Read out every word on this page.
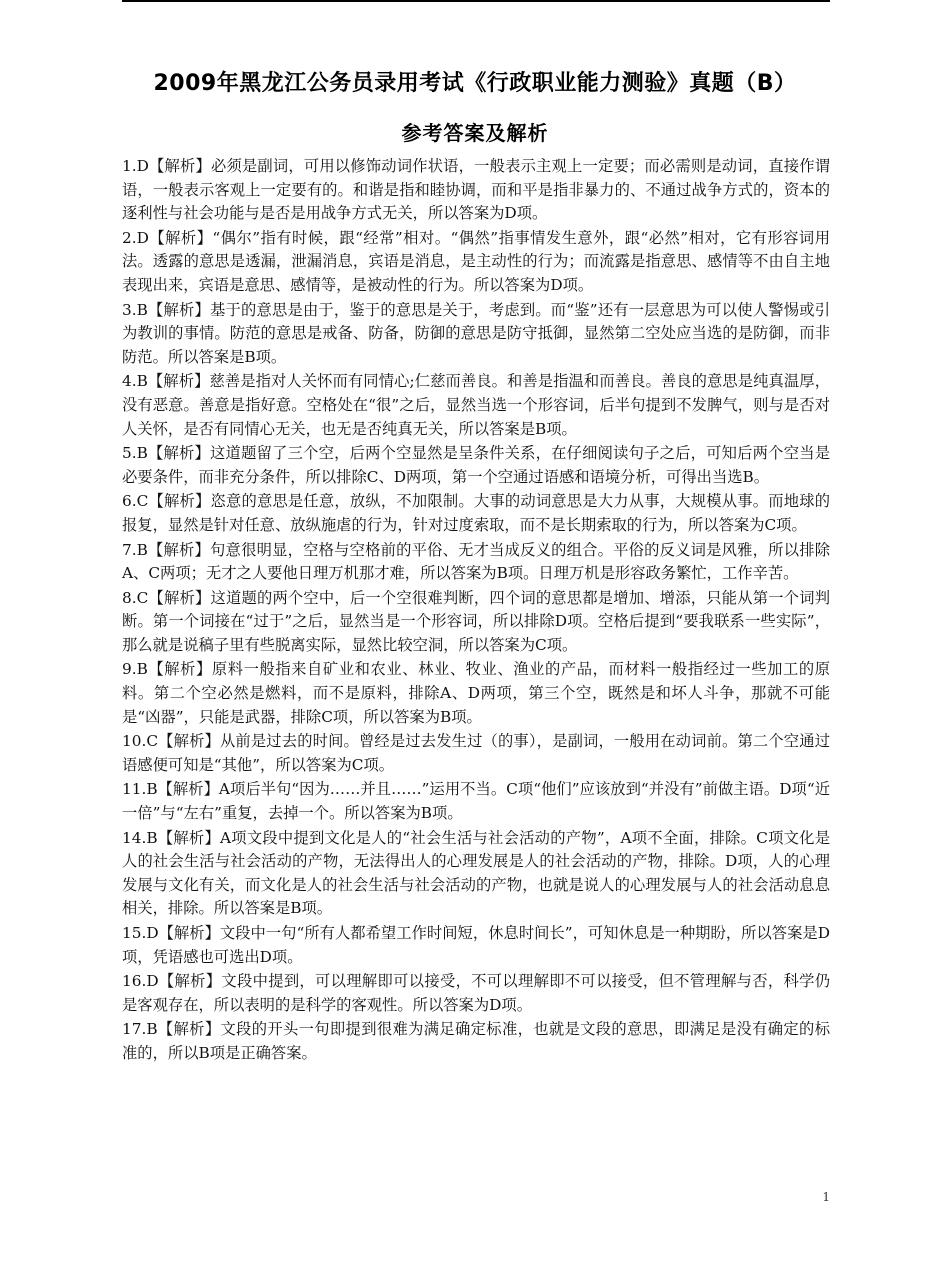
2009年黑龙江公务员录用考试《行政职业能力测验》真题（B）
参考答案及解析

1.D【解析】必须是副词，可用以修饰动词作状语，一般表示主观上一定要；而必需则是动词，直接作谓语，一般表示客观上一定要有的。和谐是指和睦协调，而和平是指非暴力的、不通过战争方式的，资本的逐利性与社会功能与是否是用战争方式无关，所以答案为D项。

2.D【解析】“偶尔”指有时候，跟“经常”相对。“偶然”指事情发生意外，跟“必然”相对，它有形容词用法。透露的意思是透漏，泄漏消息，宾语是消息，是主动性的行为；而流露是指意思、感情等不由自主地表现出来，宾语是意思、感情等，是被动性的行为。所以答案为D项。

3.B【解析】基于的意思是由于，鉴于的意思是关于，考虑到。而“鉴”还有一层意思为可以使人警惕或引为教训的事情。防范的意思是戒备、防备，防御的意思是防守抵御，显然第二空处应当选的是防御，而非防范。所以答案是B项。

4.B【解析】慈善是指对人关怀而有同情心;仁慈而善良。和善是指温和而善良。善良的意思是纯真温厚，没有恶意。善意是指好意。空格处在“很”之后，显然当选一个形容词，后半句提到不发脾气，则与是否对人关怀，是否有同情心无关，也无是否纯真无关，所以答案是B项。

5.B【解析】这道题留了三个空，后两个空显然是呈条件关系，在仔细阅读句子之后，可知后两个空当是必要条件，而非充分条件，所以排除C、D两项，第一个空通过语感和语境分析，可得出当选B。

6.C【解析】恣意的意思是任意，放纵，不加限制。大事的动词意思是大力从事，大规模从事。而地球的报复，显然是针对任意、放纵施虐的行为，针对过度索取，而不是长期索取的行为，所以答案为C项。

7.B【解析】句意很明显，空格与空格前的平俗、无才当成反义的组合。平俗的反义词是风雅，所以排除A、C两项；无才之人要他日理万机那才难，所以答案为B项。日理万机是形容政务繁忙，工作辛苦。

8.C【解析】这道题的两个空中，后一个空很难判断，四个词的意思都是增加、增添，只能从第一个词判断。第一个词接在“过于”之后，显然当是一个形容词，所以排除D项。空格后提到“要我联系一些实际”，那么就是说稿子里有些脱离实际，显然比较空洞，所以答案为C项。

9.B【解析】原料一般指来自矿业和农业、林业、牧业、渔业的产品，而材料一般指经过一些加工的原料。第二个空必然是燃料，而不是原料，排除A、D两项，第三个空，既然是和坏人斗争，那就不可能是“凶器”，只能是武器，排除C项，所以答案为B项。

10.C【解析】从前是过去的时间。曾经是过去发生过（的事），是副词，一般用在动词前。第二个空通过语感便可知是“其他”，所以答案为C项。

11.B【解析】A项后半句“因为……并且……”运用不当。C项“他们”应该放到“并没有”前做主语。D项“近一倍”与“左右”重复，去掉一个。所以答案为B项。

14.B【解析】A项文段中提到文化是人的“社会生活与社会活动的产物”，A项不全面，排除。C项文化是人的社会生活与社会活动的产物，无法得出人的心理发展是人的社会活动的产物，排除。D项，人的心理发展与文化有关，而文化是人的社会生活与社会活动的产物，也就是说人的心理发展与人的社会活动息息相关，排除。所以答案是B项。

15.D【解析】文段中一句“所有人都希望工作时间短，休息时间长”，可知休息是一种期盼，所以答案是D项，凭语感也可选出D项。

16.D【解析】文段中提到，可以理解即可以接受，不可以理解即不可以接受，但不管理解与否，科学仍是客观存在，所以表明的是科学的客观性。所以答案为D项。

17.B【解析】文段的开头一句即提到很难为满足确定标准，也就是文段的意思，即满足是没有确定的标准的，所以B项是正确答案。

1
